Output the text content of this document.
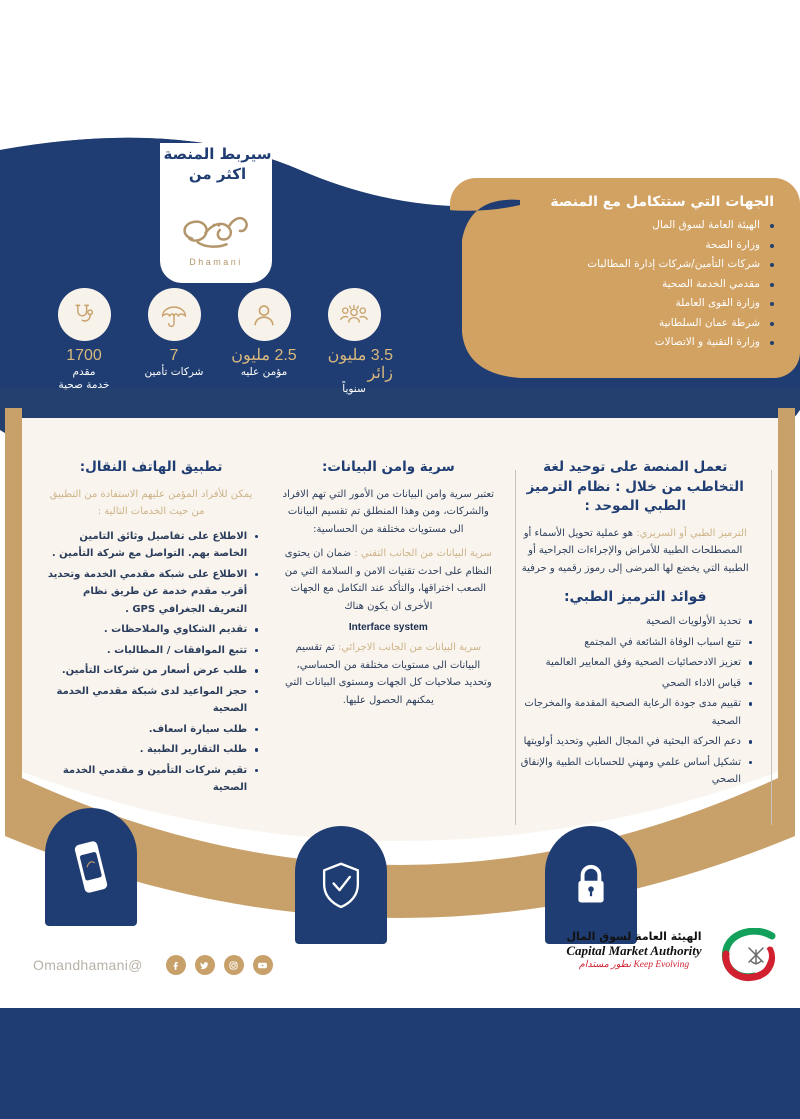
سيربط المنصة
اكثر من
Dhamani
1700
مقدم
خدمة صحية
7
شركات تأمين
2.5 مليون
مؤمن عليه
3.5 مليون زائر
سنوياً
الجهات التي ستتكامل مع المنصة
الهيئة العامة لسوق المال
وزارة الصحة
شركات التأمين/شركات إدارة المطالبات
مقدمي الخدمة الصحية
وزارة القوى العاملة
شرطة عمان السلطانية
وزارة التقنية و الاتصالات
تعمل المنصة على توحيد لغة التخاطب من خلال : نظام الترميز الطبي الموحد :

الترميز الطبي أو السريري: هو عملية تحويل الأسماء أو المصطلحات الطبية للأمراض والإجراءات الجراحية أو الطبية التي يخضع لها المرضى إلى رموز رقميه و حرفية

فوائد الترميز الطبي:
تحديد الأولويات الصحية
تتبع اسباب الوفاة الشائعة في المجتمع
تعزيز الادحصائيات الصحية وفق المعايير العالمية
قياس الاداء الصحي
تقييم مدى جودة الرعاية الصحية المقدمة والمخرجات الصحية
دعم الحركة البحثية في المجال الطبي وتحديد أولويتها
تشكيل أساس علمي ومهني للحسابات الطبية والإنفاق الصحي
سرية وامن البيانات:

تعتبر سرية وامن البيانات من الأمور التي تهم الافراد والشركات، ومن وهذا المنطلق تم تقسيم البيانات الى مستويات مختلفة من الحساسية:

سرية البيانات من الجانب التقني : ضمان ان يحتوى النظام على احدث تقنيات الامن و السلامة التي من الصعب اختراقها، والتأكد عند التكامل مع الجهات الأخرى ان يكون هناك

Interface system

سرية البيانات من الجانب الاجرائي: تم تقسيم البيانات الى مستويات مختلفة من الحساسي، وتحديد صلاحيات كل الجهات ومستوى البيانات التي يمكنهم الحصول عليها.

تطبيق الهاتف النقال:

يمكن للأفراد المؤمن عليهم الاستفادة من التطبيق من حيث الخدمات التالية :

الاطلاع على تفاصيل وثائق التامين الخاصة بهم. التواصل مع شركة التأمين .
الاطلاع على شبكة مقدمي الخدمة وتحديد أقرب مقدم خدمة عن طريق نظام التعريف الجغرافي GPS .
تقديم الشكاوي والملاحظات .
تتبع الموافقات / المطالبات .
طلب عرض أسعار من شركات التأمين.
حجز المواعيد لدى شبكة مقدمي الخدمة الصحية
طلب سيارة اسعاف.
طلب التقارير الطبية .
تقيم شركات التأمين و مقدمي الخدمة الصحية
@Omandhamani
الهيئة العامة لسوق المال
Capital Market Authority
Keep Evolving نطور مستدام
